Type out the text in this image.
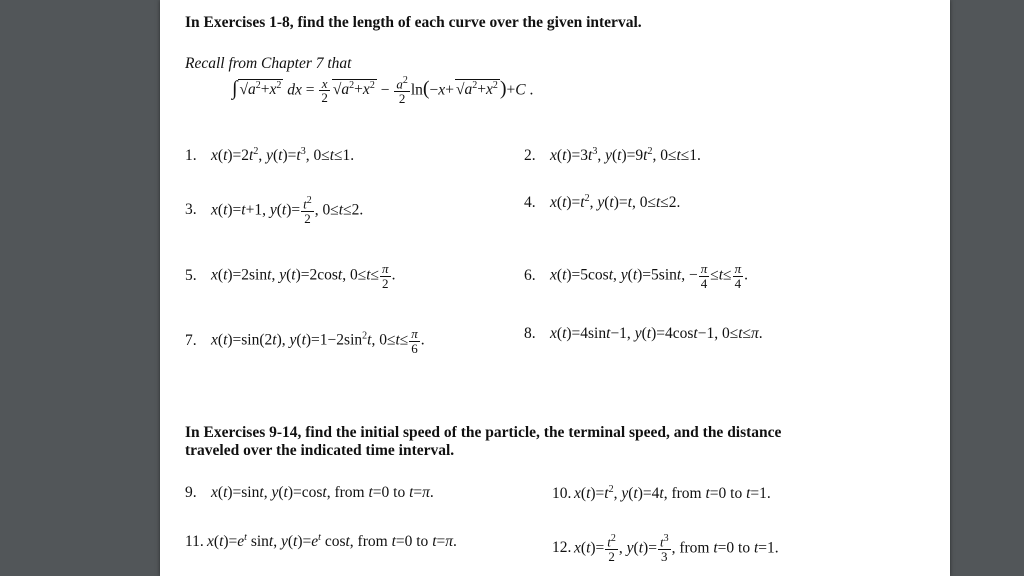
In Exercises 1-8, find the length of each curve over the given interval.
Recall from Chapter 7 that
∫ $√a^2+x^2$ dx = $\frac{x}{2} √a^2+x^2 - \frac{a^2}{2} \ln(-x+ √a^2+x^2$ )+C .
1. $x(t)=2t^2$, $y(t)=t^3$, 0≤t≤1.	2. $x(t)=3t^3$, $y(t)=9t^2$, 0≤t≤1.
3. x(t)=t+1, $y(t)= \frac{t^2}{2}$ , 0≤t≤2.	4. $x(t)=t^2$, y(t)=t, 0≤t≤2.
5. x(t)=2sint, y(t)=2cost, $0\le t\le \frac{\pi}{2}$ .	6. x(t)=5cost, y(t)=5sint, − $\frac{\pi}{4} \le t\le \frac{\pi}{4}$ .
7. x(t)=sin(2t), $y(t)=1-2\sin^2t$, $0\le t\le \frac{\pi}{6}$ .	8. x(t)=4sint−1, y(t)=4cost−1, 0≤t≤π.
In Exercises 9-14, find the initial speed of the particle, the terminal speed, and the distance
traveled over the indicated time interval.
9. x(t)=sint, y(t)=cost, from t=0 to t=π.	10. $x(t)=t^2$, y(t)=4t, from t=0 to t=1.
11. $x(t)=e^t$ sint, $y(t)=e^t$ cost, from t=0 to t=π.	12. $x(t)= \frac{t^2}{2}$ , $y(t)= \frac{t^3}{3}$ , from t=0 to t=1.
